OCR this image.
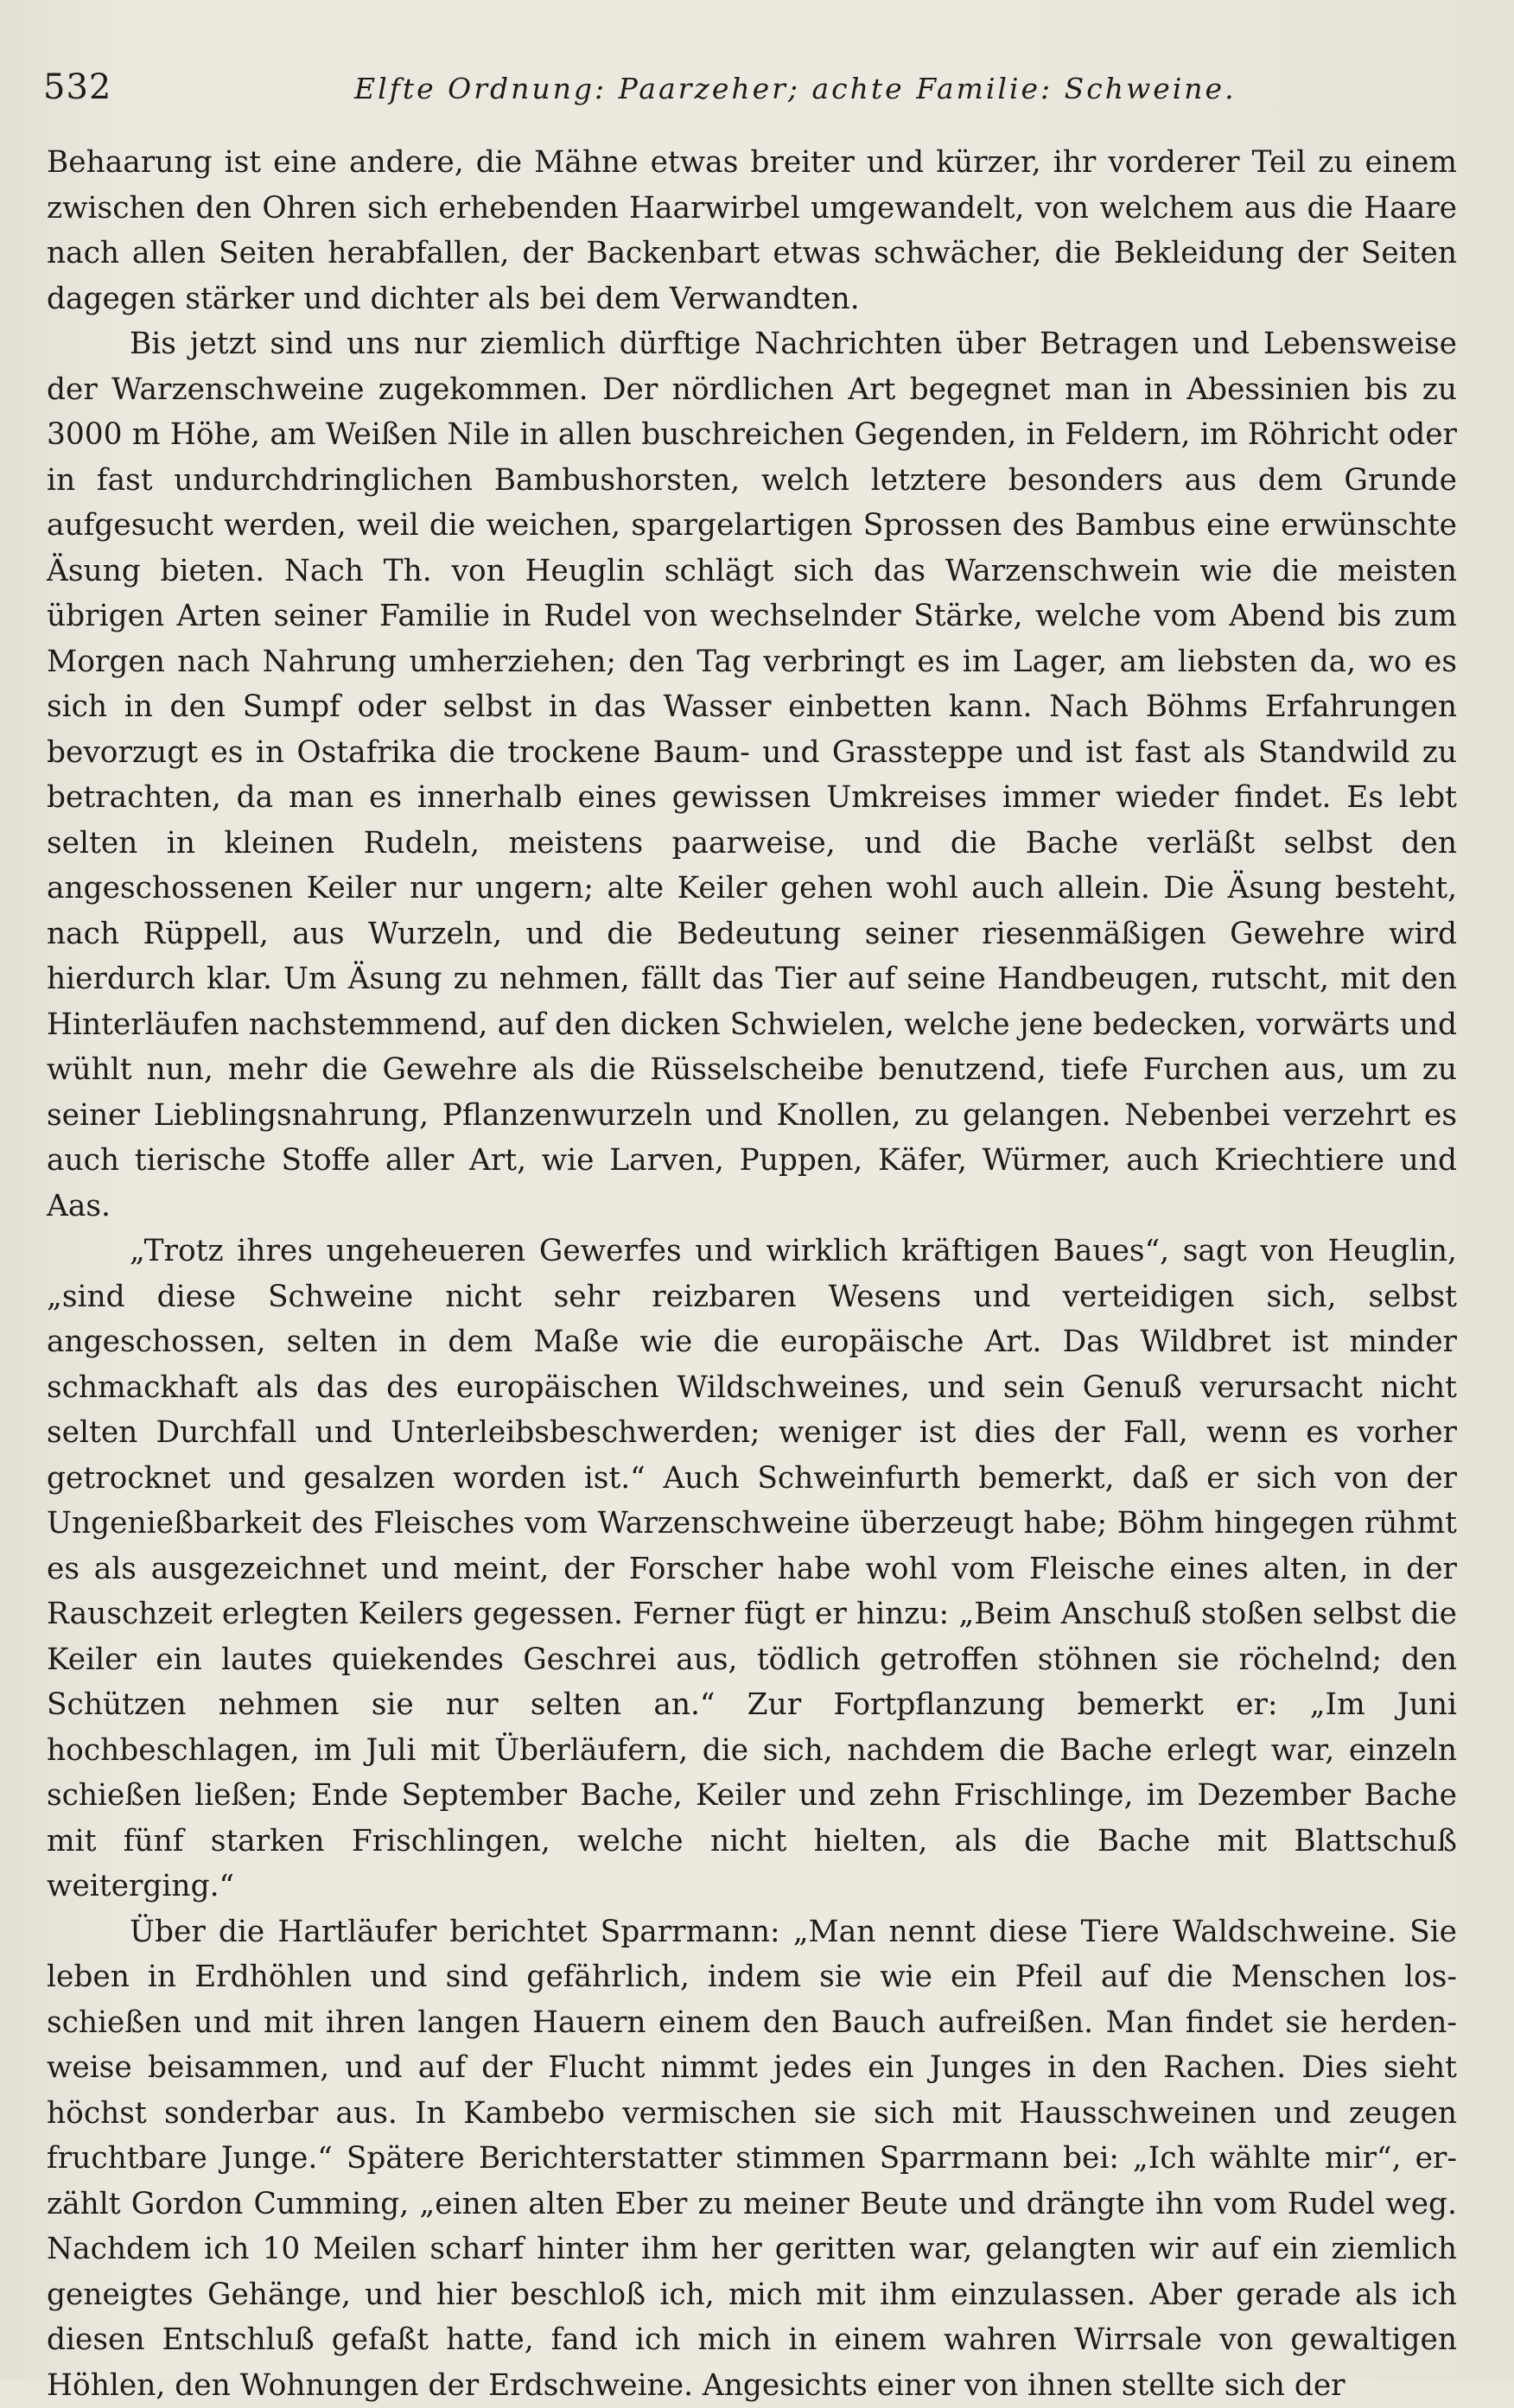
532	Elfte Ordnung: Paarzeher; achte Familie: Schweine.

Behaarung ist eine andere, die Mähne etwas breiter und kürzer, ihr vorderer Teil zu einem zwischen den Ohren sich erhebenden Haarwirbel umgewandelt, von welchem aus die Haare nach allen Seiten herabfallen, der Backenbart etwas schwächer, die Bekleidung der Seiten dagegen stärker und dichter als bei dem Verwandten.

Bis jetzt sind uns nur ziemlich dürftige Nachrichten über Betragen und Lebensweise der Warzenschweine zugekommen. Der nördlichen Art begegnet man in Abessinien bis zu 3000 m Höhe, am Weißen Nile in allen buschreichen Gegenden, in Feldern, im Röhricht oder in fast undurchdringlichen Bambushorsten, welch letztere besonders aus dem Grunde aufgesucht werden, weil die weichen, spargelartigen Sprossen des Bambus eine erwünschte Äsung bieten. Nach Th. von Heuglin schlägt sich das Warzenschwein wie die meisten übrigen Arten seiner Familie in Rudel von wechselnder Stärke, welche vom Abend bis zum Morgen nach Nahrung umherziehen; den Tag verbringt es im Lager, am liebsten da, wo es sich in den Sumpf oder selbst in das Wasser einbetten kann. Nach Böhms Erfahrungen bevorzugt es in Ostafrika die trockene Baum- und Grassteppe und ist fast als Standwild zu betrachten, da man es innerhalb eines gewissen Umkreises immer wieder findet. Es lebt selten in kleinen Rudeln, meistens paarweise, und die Bache verläßt selbst den angeschossenen Keiler nur ungern; alte Keiler gehen wohl auch allein. Die Äsung besteht, nach Rüppell, aus Wurzeln, und die Bedeutung seiner riesenmäßigen Gewehre wird hierdurch klar. Um Äsung zu nehmen, fällt das Tier auf seine Handbeugen, rutscht, mit den Hinterläufen nachstemmend, auf den dicken Schwielen, welche jene bedecken, vorwärts und wühlt nun, mehr die Gewehre als die Rüsselscheibe benutzend, tiefe Furchen aus, um zu seiner Lieblingsnahrung, Pflanzenwurzeln und Knollen, zu gelangen. Nebenbei verzehrt es auch tierische Stoffe aller Art, wie Larven, Puppen, Käfer, Würmer, auch Kriechtiere und Aas.

„Trotz ihres ungeheueren Gewerfes und wirklich kräftigen Baues“, sagt von Heuglin, „sind diese Schweine nicht sehr reizbaren Wesens und verteidigen sich, selbst angeschossen, selten in dem Maße wie die europäische Art. Das Wildbret ist minder schmackhaft als das des europäischen Wildschweines, und sein Genuß verursacht nicht selten Durchfall und Unterleibsbeschwerden; weniger ist dies der Fall, wenn es vorher getrocknet und gesalzen worden ist.“ Auch Schweinfurth bemerkt, daß er sich von der Ungenießbarkeit des Fleisches vom Warzenschweine überzeugt habe; Böhm hingegen rühmt es als ausgezeichnet und meint, der Forscher habe wohl vom Fleische eines alten, in der Rauschzeit erlegten Keilers gegessen. Ferner fügt er hinzu: „Beim Anschuß stoßen selbst die Keiler ein lautes quiekendes Geschrei aus, tödlich getroffen stöhnen sie röchelnd; den Schützen nehmen sie nur selten an.“ Zur Fortpflanzung bemerkt er: „Im Juni hochbeschlagen, im Juli mit Überläufern, die sich, nachdem die Bache erlegt war, einzeln schießen ließen; Ende September Bache, Keiler und zehn Frischlinge, im Dezember Bache mit fünf starken Frischlingen, welche nicht hielten, als die Bache mit Blattschuß weiterging.“

Über die Hartläufer berichtet Sparrmann: „Man nennt diese Tiere Waldschweine. Sie leben in Erdhöhlen und sind gefährlich, indem sie wie ein Pfeil auf die Menschen losschießen und mit ihren langen Hauern einem den Bauch aufreißen. Man findet sie herdenweise beisammen, und auf der Flucht nimmt jedes ein Junges in den Rachen. Dies sieht höchst sonderbar aus. In Kambebo vermischen sie sich mit Hausschweinen und zeugen fruchtbare Junge.“ Spätere Berichterstatter stimmen Sparrmann bei: „Ich wählte mir“, erzählt Gordon Cumming, „einen alten Eber zu meiner Beute und drängte ihn vom Rudel weg. Nachdem ich 10 Meilen scharf hinter ihm her geritten war, gelangten wir auf ein ziemlich geneigtes Gehänge, und hier beschloß ich, mich mit ihm einzulassen. Aber gerade als ich diesen Entschluß gefaßt hatte, fand ich mich in einem wahren Wirrsale von gewaltigen Höhlen, den Wohnungen der Erdschweine. Angesichts einer von ihnen stellte sich der
